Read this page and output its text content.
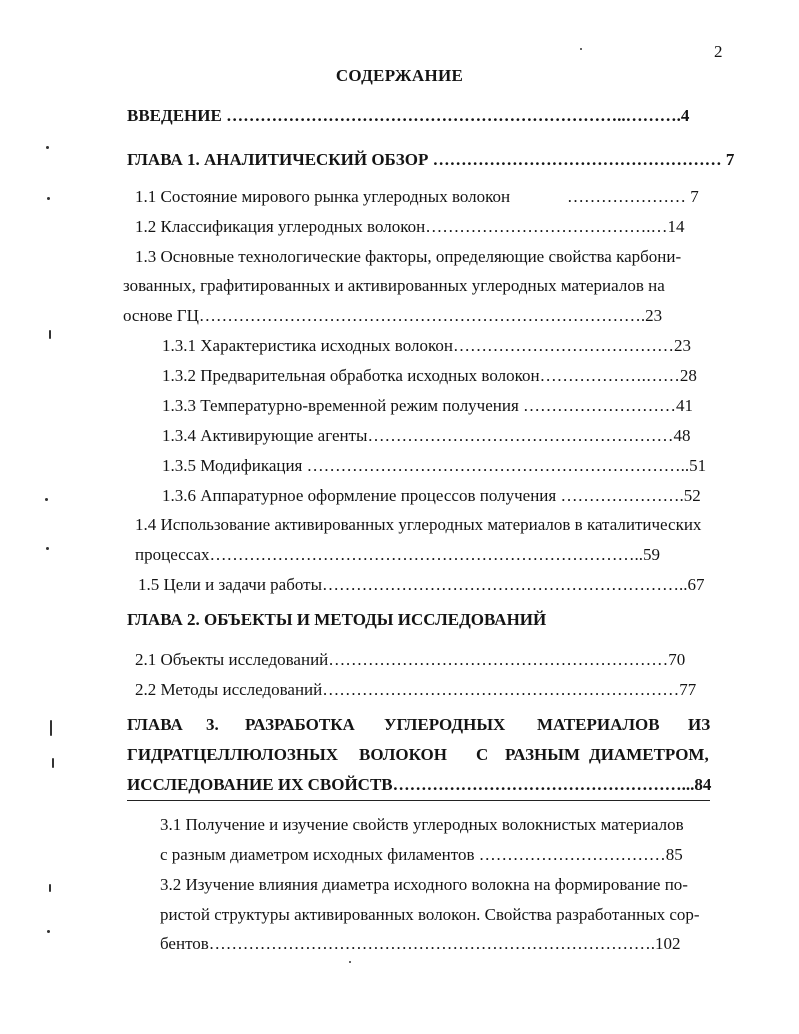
2
СОДЕРЖАНИЕ
ВВЕДЕНИЕ ……………………………………………………………..……….4
ГЛАВА 1. АНАЛИТИЧЕСКИЙ ОБЗОР …………………………………………… 7
1.1 Состояние мирового рынка углеродных волокон	………………… 7
1.2 Классификация углеродных волокон………………………………….…14
1.3 Основные технологические факторы, определяющие свойства карбони-
зованных, графитированных и активированных углеродных материалов на
основе ГЦ…………………………………………………………………….23
1.3.1 Характеристика исходных волокон…………………………………23
1.3.2 Предварительная обработка исходных волокон……………….……28
1.3.3 Температурно-временной режим получения ………………………41
1.3.4 Активирующие агенты………………………………………………48
1.3.5 Модификация …………………………………………………………..51
1.3.6 Аппаратурное оформление процессов получения ………………….52
1.4 Использование активированных углеродных материалов в каталитических
процессах…………………………………………………………………..59
1.5 Цели и задачи работы………………………………………………………..67
ГЛАВА 2. ОБЪЕКТЫ И МЕТОДЫ ИССЛЕДОВАНИЙ
2.1 Объекты исследований……………………………………………………70
2.2 Методы исследований………………………………………………………77
ГЛАВА 3. РАЗРАБОТКА УГЛЕРОДНЫХ МАТЕРИАЛОВ ИЗ
ГИДРАТЦЕЛЛЮЛОЗНЫХ ВОЛОКОН С РАЗНЫМ ДИАМЕТРОМ,
ИССЛЕДОВАНИЕ ИХ СВОЙСТВ……………………………………………...84
3.1 Получение и изучение свойств углеродных волокнистых материалов
с разным диаметром исходных филаментов ……………………………85
3.2 Изучение влияния диаметра исходного волокна на формирование по-
ристой структуры активированных волокон. Свойства разработанных сор-
бентов…………………………………………………………………….102
